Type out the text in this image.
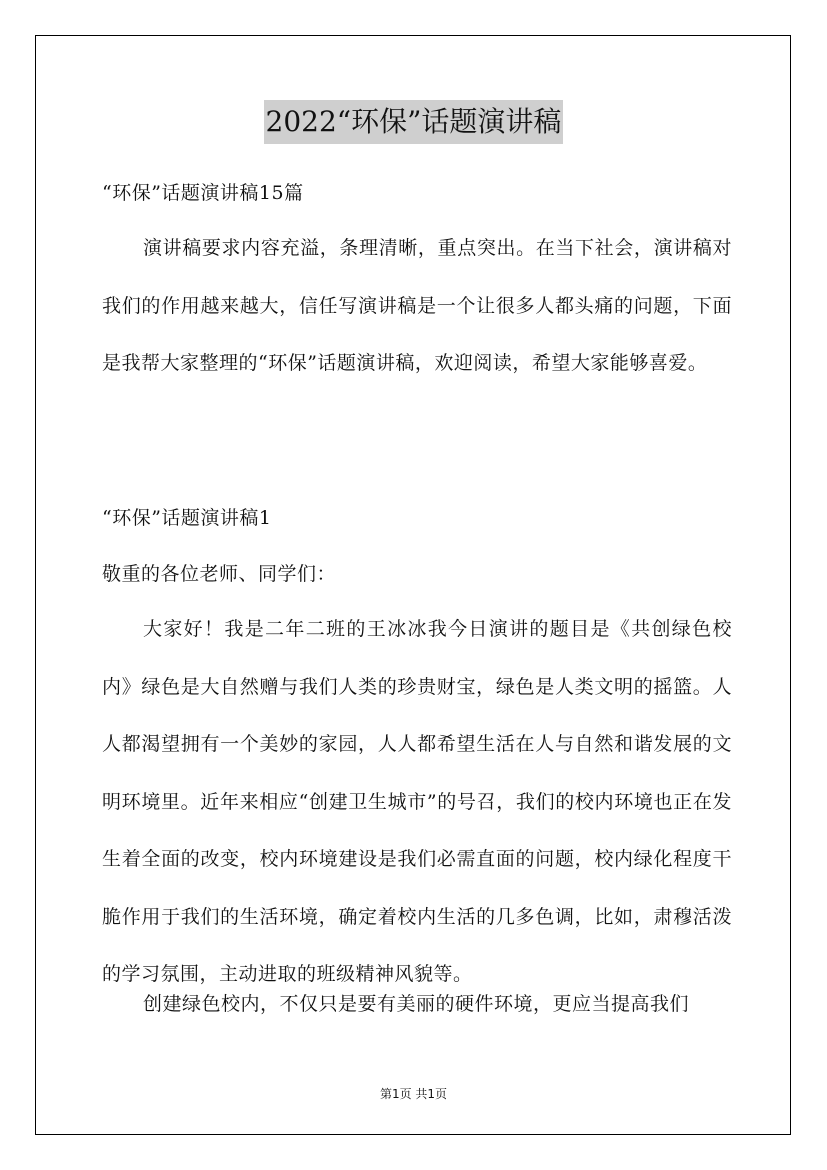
2022“环保”话题演讲稿

“环保”话题演讲稿15篇

演讲稿要求内容充溢，条理清晰，重点突出。在当下社会，演讲稿对我们的作用越来越大，信任写演讲稿是一个让很多人都头痛的问题，下面是我帮大家整理的“环保”话题演讲稿，欢迎阅读，希望大家能够喜爱。

“环保”话题演讲稿1

敬重的各位老师、同学们：

大家好！我是二年二班的王冰冰我今日演讲的题目是《共创绿色校内》绿色是大自然赠与我们人类的珍贵财宝，绿色是人类文明的摇篮。人人都渴望拥有一个美妙的家园，人人都希望生活在人与自然和谐发展的文明环境里。近年来相应“创建卫生城市”的号召，我们的校内环境也正在发生着全面的改变，校内环境建设是我们必需直面的问题，校内绿化程度干脆作用于我们的生活环境，确定着校内生活的几多色调，比如，肃穆活泼的学习氛围，主动进取的班级精神风貌等。

创建绿色校内，不仅只是要有美丽的硬件环境，更应当提高我们

第1页 共1页
